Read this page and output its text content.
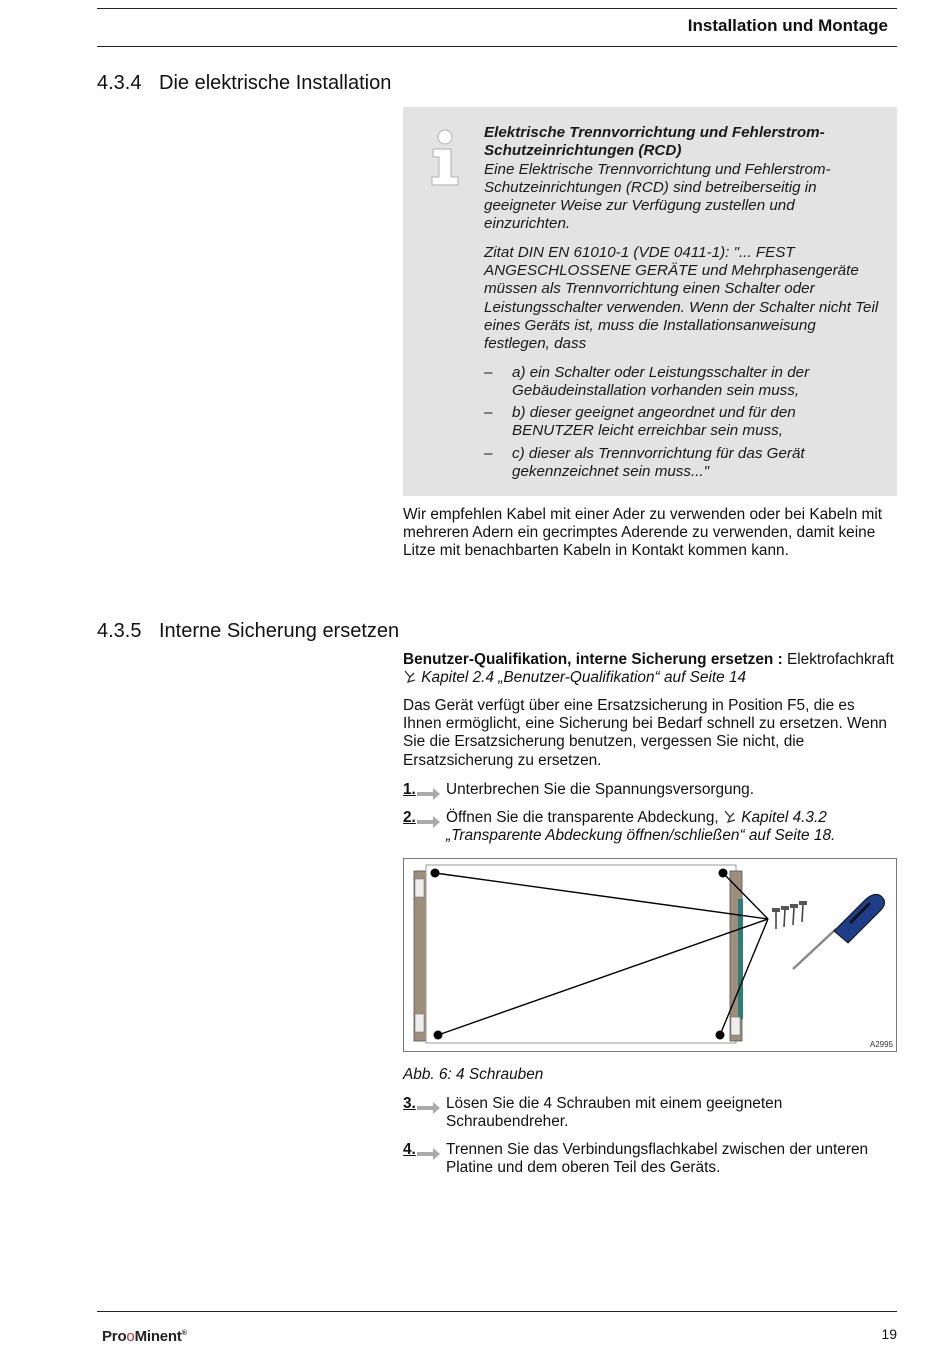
Installation und Montage
4.3.4 Die elektrische Installation
Elektrische Trennvorrichtung und Fehlerstrom-
Schutzeinrichtungen (RCD)

Eine Elektrische Trennvorrichtung und Fehlerstrom-Schutzeinrichtungen (RCD) sind betreiberseitig in geeigneter Weise zur Verfügung zustellen und einzurichten.

Zitat DIN EN 61010-1 (VDE 0411-1): "... FEST ANGESCHLOSSENE GERÄTE und Mehrphasengeräte müssen als Trennvorrichtung einen Schalter oder Leistungsschalter verwenden. Wenn der Schalter nicht Teil eines Geräts ist, muss die Installationsanweisung festlegen, dass

– a) ein Schalter oder Leistungsschalter in der Gebäudeinstallation vorhanden sein muss,
– b) dieser geeignet angeordnet und für den BENUTZER leicht erreichbar sein muss,
– c) dieser als Trennvorrichtung für das Gerät gekennzeichnet sein muss..."

Wir empfehlen Kabel mit einer Ader zu verwenden oder bei Kabeln mit mehreren Adern ein gecrimptes Aderende zu verwenden, damit keine Litze mit benachbarten Kabeln in Kontakt kommen kann.

4.3.5 Interne Sicherung ersetzen
Benutzer-Qualifikation, interne Sicherung ersetzen : Elektrofachkraft  Kapitel 2.4 „Benutzer-Qualifikation“ auf Seite 14

Das Gerät verfügt über eine Ersatzsicherung in Position F5, die es Ihnen ermöglicht, eine Sicherung bei Bedarf schnell zu ersetzen. Wenn Sie die Ersatzsicherung benutzen, vergessen Sie nicht, die Ersatzsicherung zu ersetzen.

1. Unterbrechen Sie die Spannungsversorgung.
2. Öffnen Sie die transparente Abdeckung, Kapitel 4.3.2 „Transparente Abdeckung öffnen/schließen“ auf Seite 18.
A2995
Abb. 6: 4 Schrauben
3. Lösen Sie die 4 Schrauben mit einem geeigneten Schraubendreher.
4. Trennen Sie das Verbindungsflachkabel zwischen der unteren Platine und dem oberen Teil des Geräts.
ProoMinent®	19
